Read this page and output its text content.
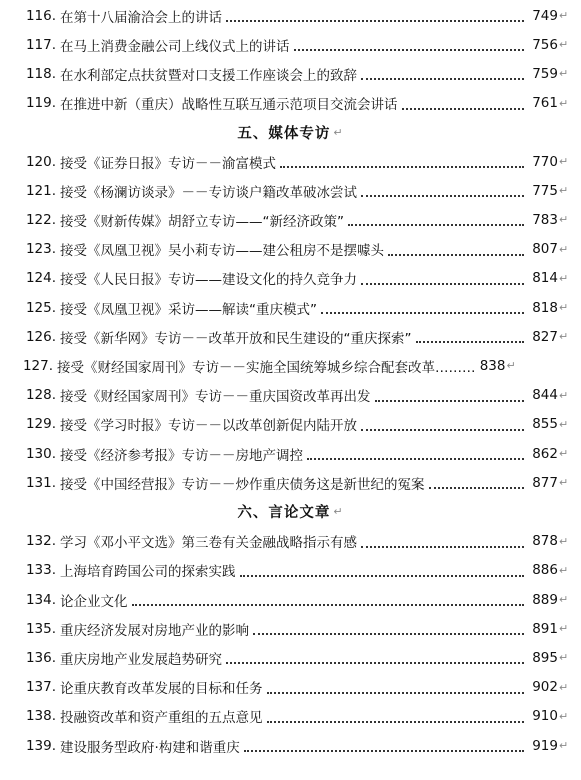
116. 在第十八届渝洽会上的讲话	749 ↵
117. 在马上消费金融公司上线仪式上的讲话	756 ↵
118. 在水利部定点扶贫暨对口支援工作座谈会上的致辞	759 ↵
119. 在推进中新（重庆）战略性互联互通示范项目交流会讲话	761 ↵
五、媒体专访 ↵
120. 接受《证券日报》专访－－渝富模式	770 ↵
121. 接受《杨澜访谈录》－－专访谈户籍改革破冰尝试	775 ↵
122. 接受《财新传媒》胡舒立专访——“新经济政策”	783 ↵
123. 接受《凤凰卫视》吴小莉专访——建公租房不是摆噱头	807 ↵
124. 接受《人民日报》专访——建设文化的持久竞争力	814 ↵
125. 接受《凤凰卫视》采访——解读“重庆模式”	818 ↵
126. 接受《新华网》专访－－改革开放和民生建设的“重庆探索”	827 ↵
127. 接受《财经国家周刊》专访－－实施全国统筹城乡综合配套改革……… 838 ↵
128. 接受《财经国家周刊》专访－－重庆国资改革再出发	844 ↵
129. 接受《学习时报》专访－－以改革创新促内陆开放	855 ↵
130. 接受《经济参考报》专访－－房地产调控	862 ↵
131. 接受《中国经营报》专访－－炒作重庆债务这是新世纪的冤案	877 ↵
六、言论文章 ↵
132. 学习《邓小平文选》第三卷有关金融战略指示有感	878 ↵
133. 上海培育跨国公司的探索实践	886 ↵
134. 论企业文化	889 ↵
135. 重庆经济发展对房地产业的影响	891 ↵
136. 重庆房地产业发展趋势研究	895 ↵
137. 论重庆教育改革发展的目标和任务	902 ↵
138. 投融资改革和资产重组的五点意见	910 ↵
139. 建设服务型政府·构建和谐重庆	919 ↵
